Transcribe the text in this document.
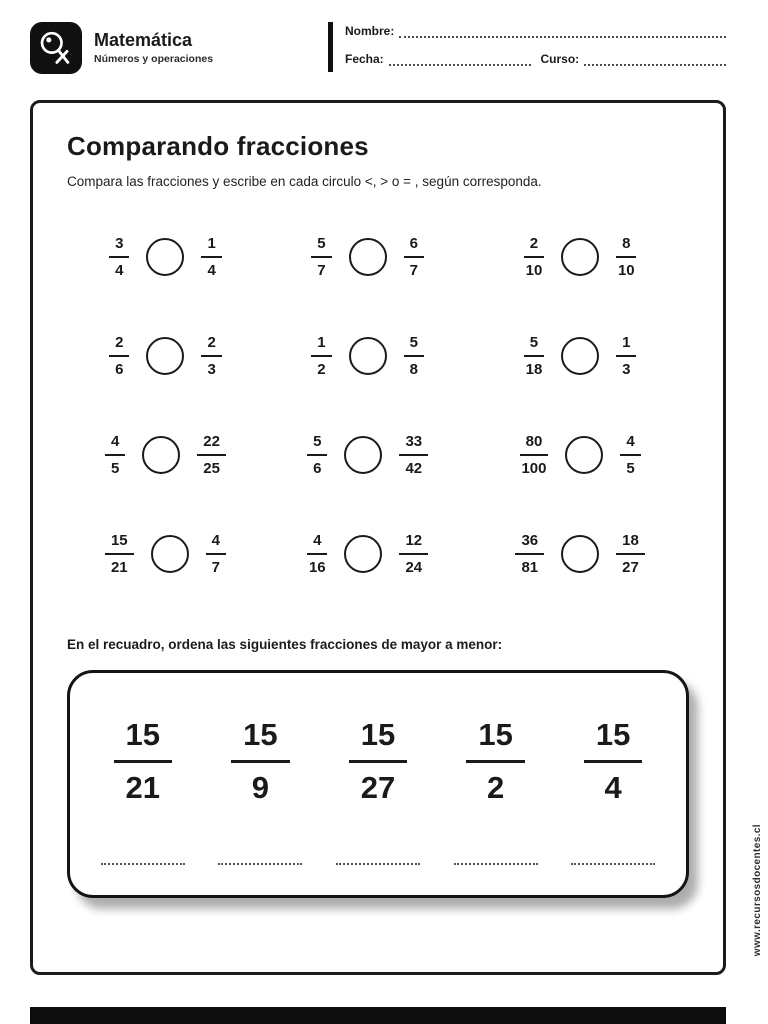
Matemática
Números y operaciones
Nombre:
Fecha:	Curso:
Comparando fracciones

Compara las fracciones y escribe en cada circulo <, > o = , según corresponda.

$\frac{3}{4}$	$\frac{1}{4}$	$\frac{5}{7}$	$\frac{6}{7}$	$\frac{2}{10}$	$\frac{8}{10}$
$\frac{2}{6}$	$\frac{2}{3}$	$\frac{1}{2}$	$\frac{5}{8}$	$\frac{5}{18}$	$\frac{1}{3}$
$\frac{4}{5}$	$\frac{22}{25}$	$\frac{5}{6}$	$\frac{33}{42}$	$\frac{80}{100}$	$\frac{4}{5}$
$\frac{15}{21}$	$\frac{4}{7}$	$\frac{4}{16}$	$\frac{12}{24}$	$\frac{36}{81}$	$\frac{18}{27}$

En el recuadro, ordena las siguientes fracciones de mayor a menor:

$\frac{15}{21} \frac{15}{9} \frac{15}{27} \frac{15}{2} \frac{15}{4}$
www.recursosdocentes.cl
